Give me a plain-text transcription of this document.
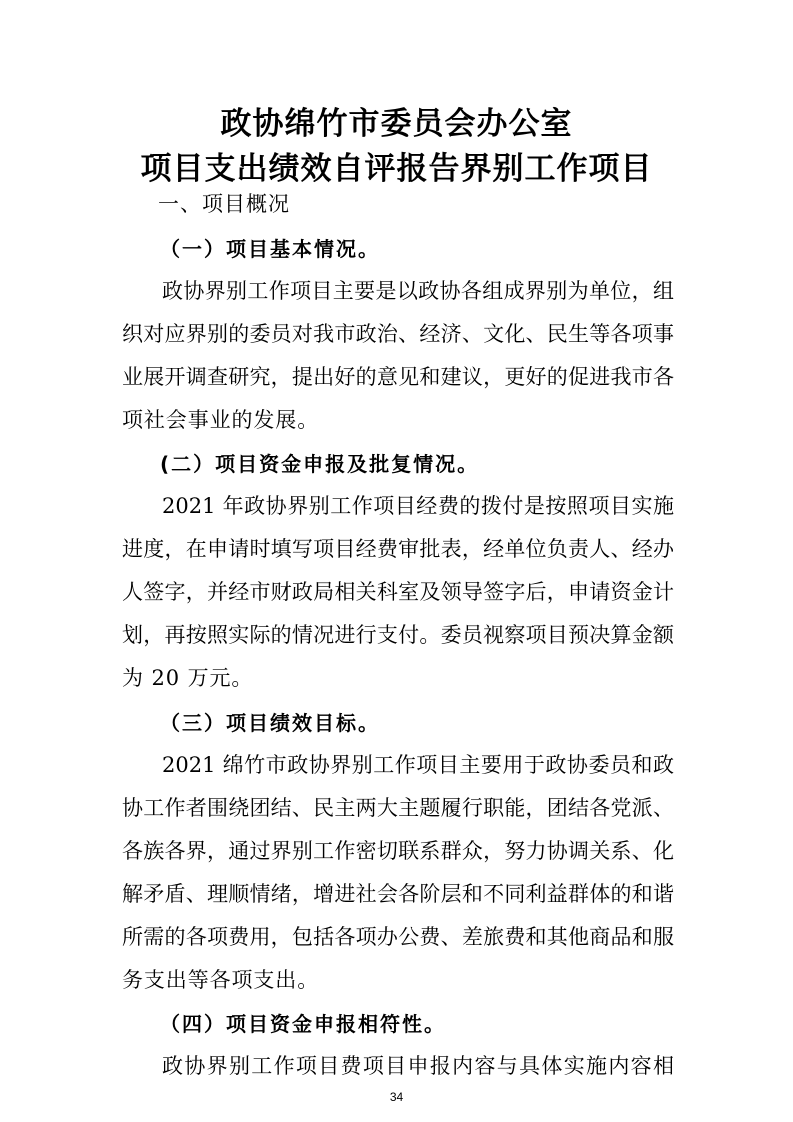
政协绵竹市委员会办公室
项目支出绩效自评报告界别工作项目
一、项目概况
（一）项目基本情况。
政协界别工作项目主要是以政协各组成界别为单位，组
织对应界别的委员对我市政治、经济、文化、民生等各项事
业展开调查研究，提出好的意见和建议，更好的促进我市各
项社会事业的发展。
(二）项目资金申报及批复情况。
2021 年政协界别工作项目经费的拨付是按照项目实施
进度，在申请时填写项目经费审批表，经单位负责人、经办
人签字，并经市财政局相关科室及领导签字后，申请资金计
划，再按照实际的情况进行支付。委员视察项目预决算金额
为 20 万元。
（三）项目绩效目标。
2021 绵竹市政协界别工作项目主要用于政协委员和政
协工作者围绕团结、民主两大主题履行职能，团结各党派、
各族各界，通过界别工作密切联系群众，努力协调关系、化
解矛盾、理顺情绪，增进社会各阶层和不同利益群体的和谐
所需的各项费用，包括各项办公费、差旅费和其他商品和服
务支出等各项支出。
（四）项目资金申报相符性。
政协界别工作项目费项目申报内容与具体实施内容相
34
